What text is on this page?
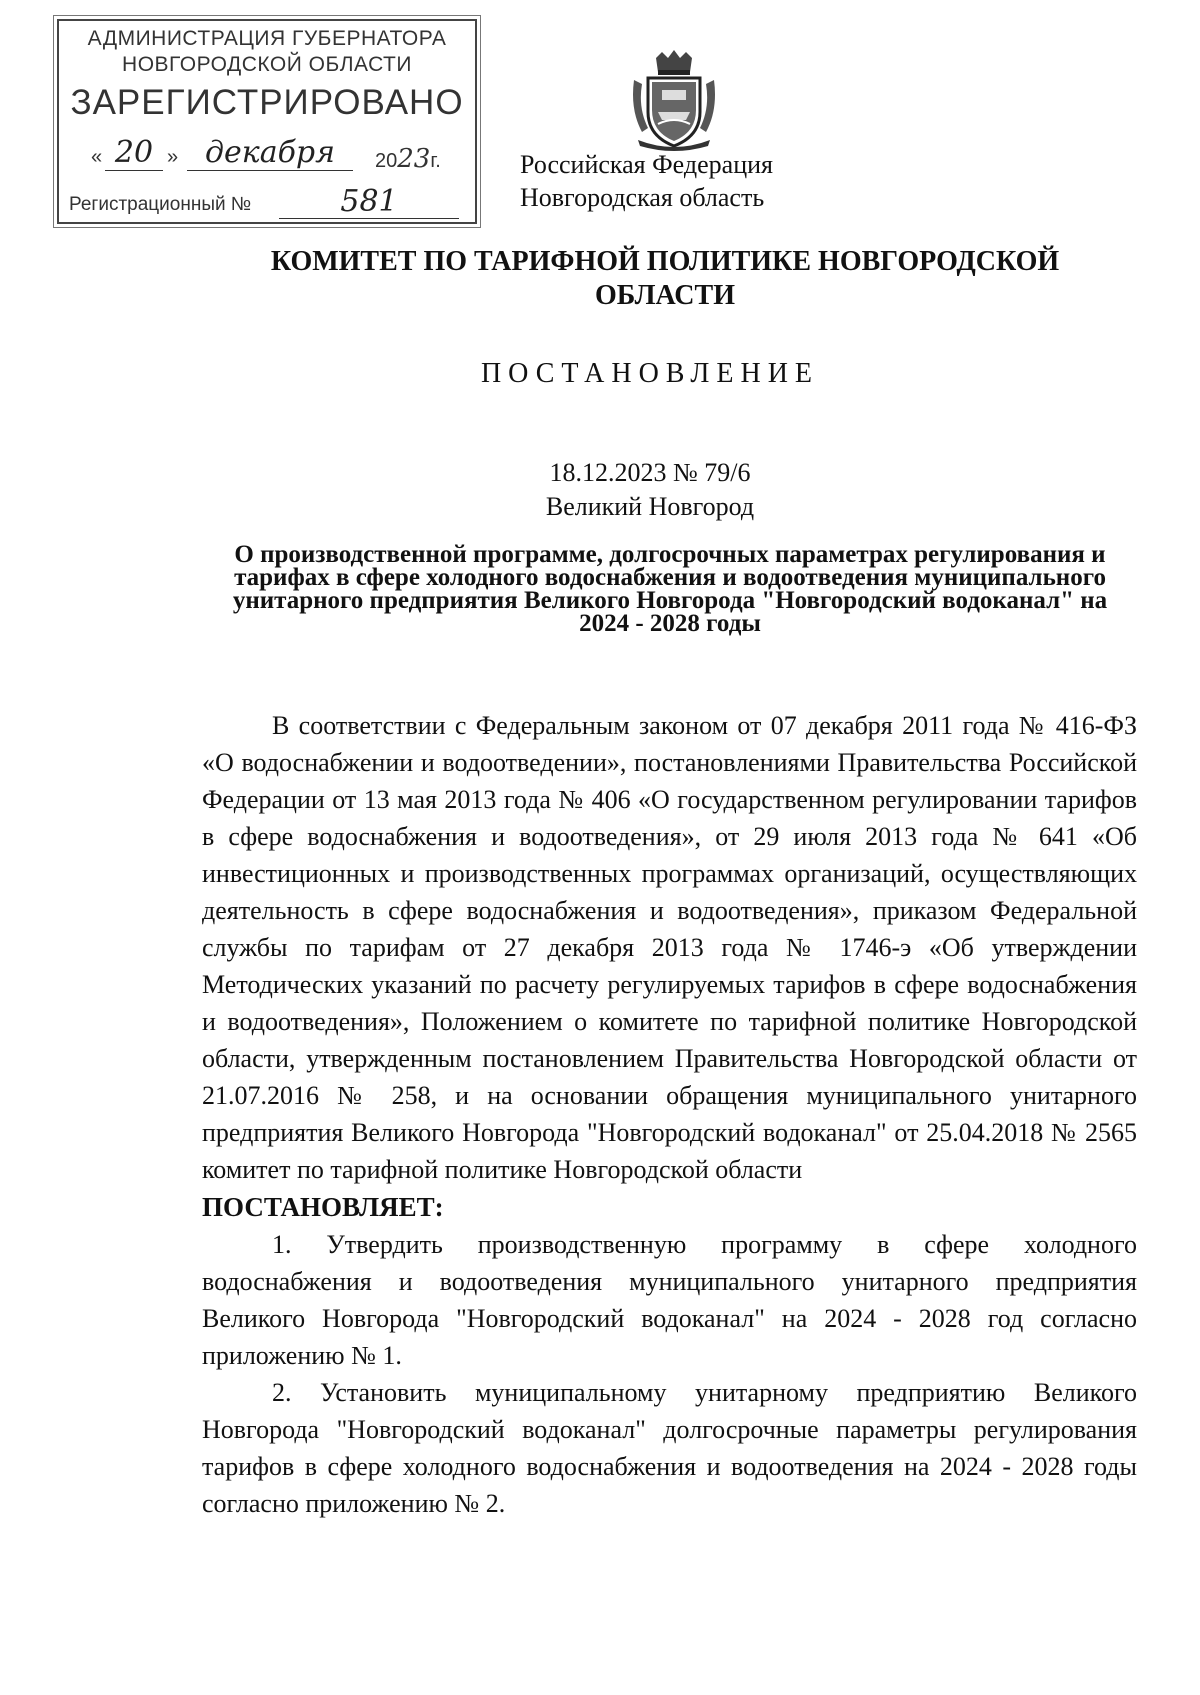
АДМИНИСТРАЦИЯ ГУБЕРНАТОРА
НОВГОРОДСКОЙ ОБЛАСТИ
ЗАРЕГИСТРИРОВАНО
« 20 » декабря	2023г.
Регистрационный №	581
Российская Федерация
Новгородская область
КОМИТЕТ ПО ТАРИФНОЙ ПОЛИТИКЕ НОВГОРОДСКОЙ ОБЛАСТИ
ПОСТАНОВЛЕНИЕ
18.12.2023 № 79/6
Великий Новгород
О производственной программе, долгосрочных параметрах регулирования и тарифах в сфере холодного водоснабжения и водоотведения муниципального унитарного предприятия Великого Новгорода "Новгородский водоканал" на 2024 - 2028 годы

В соответствии с Федеральным законом от 07 декабря 2011 года № 416-ФЗ «О водоснабжении и водоотведении», постановлениями Правительства Российской Федерации от 13 мая 2013 года № 406 «О государственном регулировании тарифов в сфере водоснабжения и водоотведения», от 29 июля 2013 года № 641 «Об инвестиционных и производственных программах организаций, осуществляющих деятельность в сфере водоснабжения и водоотведения», приказом Федеральной службы по тарифам от 27 декабря 2013 года № 1746-э «Об утверждении Методических указаний по расчету регулируемых тарифов в сфере водоснабжения и водоотведения», Положением о комитете по тарифной политике Новгородской области, утвержденным постановлением Правительства Новгородской области от 21.07.2016 № 258, и на основании обращения муниципального унитарного предприятия Великого Новгорода "Новгородский водоканал" от 25.04.2018 № 2565 комитет по тарифной политике Новгородской области

ПОСТАНОВЛЯЕТ:

1. Утвердить производственную программу в сфере холодного водоснабжения и водоотведения муниципального унитарного предприятия Великого Новгорода "Новгородский водоканал" на 2024 - 2028 год согласно приложению № 1.

2. Установить муниципальному унитарному предприятию Великого Новгорода "Новгородский водоканал" долгосрочные параметры регулирования тарифов в сфере холодного водоснабжения и водоотведения на 2024 - 2028 годы согласно приложению № 2.
